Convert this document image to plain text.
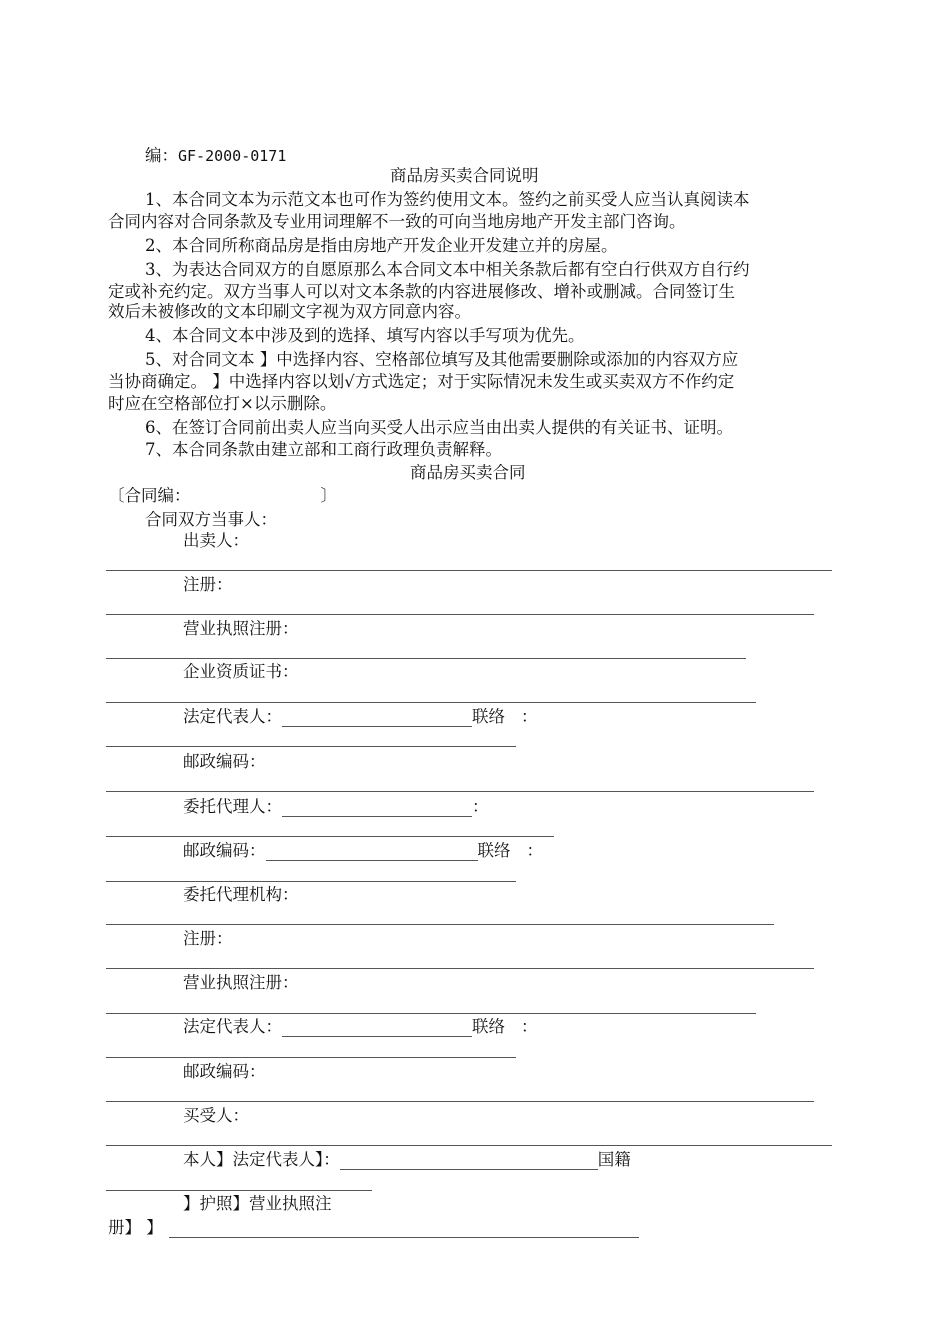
编：GF-2000-0171
商品房买卖合同说明
1、本合同文本为示范文本也可作为签约使用文本。签约之前买受人应当认真阅读本
合同内容对合同条款及专业用词理解不一致的可向当地房地产开发主部门咨询。
2、本合同所称商品房是指由房地产开发企业开发建立并的房屋。
3、为表达合同双方的自愿原那么本合同文本中相关条款后都有空白行供双方自行约
定或补充约定。双方当事人可以对文本条款的内容进展修改、增补或删减。合同签订生
效后未被修改的文本印刷文字视为双方同意内容。
4、本合同文本中涉及到的选择、填写内容以手写项为优先。
5、对合同文本 】中选择内容、空格部位填写及其他需要删除或添加的内容双方应
当协商确定。 】中选择内容以划√方式选定；对于实际情况未发生或买卖双方不作约定
时应在空格部位打×以示删除。
6、在签订合同前出卖人应当向买受人出示应当由出卖人提供的有关证书、证明。
7、本合同条款由建立部和工商行政理负责解释。
商品房买卖合同
〔合同编：	〕
合同双方当事人：
出卖人：
注册：
营业执照注册：
企业资质证书：
法定代表人：	联络 ：
邮政编码：
委托代理人：	：
邮政编码：	联络 ：
委托代理机构：
注册：
营业执照注册：
法定代表人：	联络 ：
邮政编码：
买受人：
本人】法定代表人】：	国籍
】护照】营业执照注
册】 】
